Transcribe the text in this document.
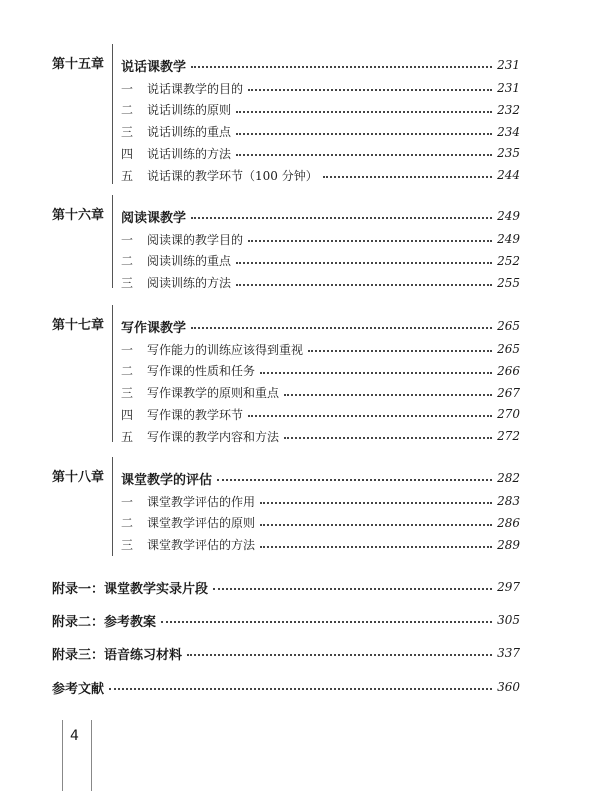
第十五章	说话课教学	231
一	说话课教学的目的	231
二	说话训练的原则	232
三	说话训练的重点	234
四	说话训练的方法	235
五	说话课的教学环节（100 分钟）	244
第十六章	阅读课教学	249
一	阅读课的教学目的	249
二	阅读训练的重点	252
三	阅读训练的方法	255
第十七章	写作课教学	265
一	写作能力的训练应该得到重视	265
二	写作课的性质和任务	266
三	写作课教学的原则和重点	267
四	写作课的教学环节	270
五	写作课的教学内容和方法	272
第十八章	课堂教学的评估	282
一	课堂教学评估的作用	283
二	课堂教学评估的原则	286
三	课堂教学评估的方法	289
附录一：课堂教学实录片段	297
附录二：参考教案	305
附录三：语音练习材料	337
参考文献	360
4
